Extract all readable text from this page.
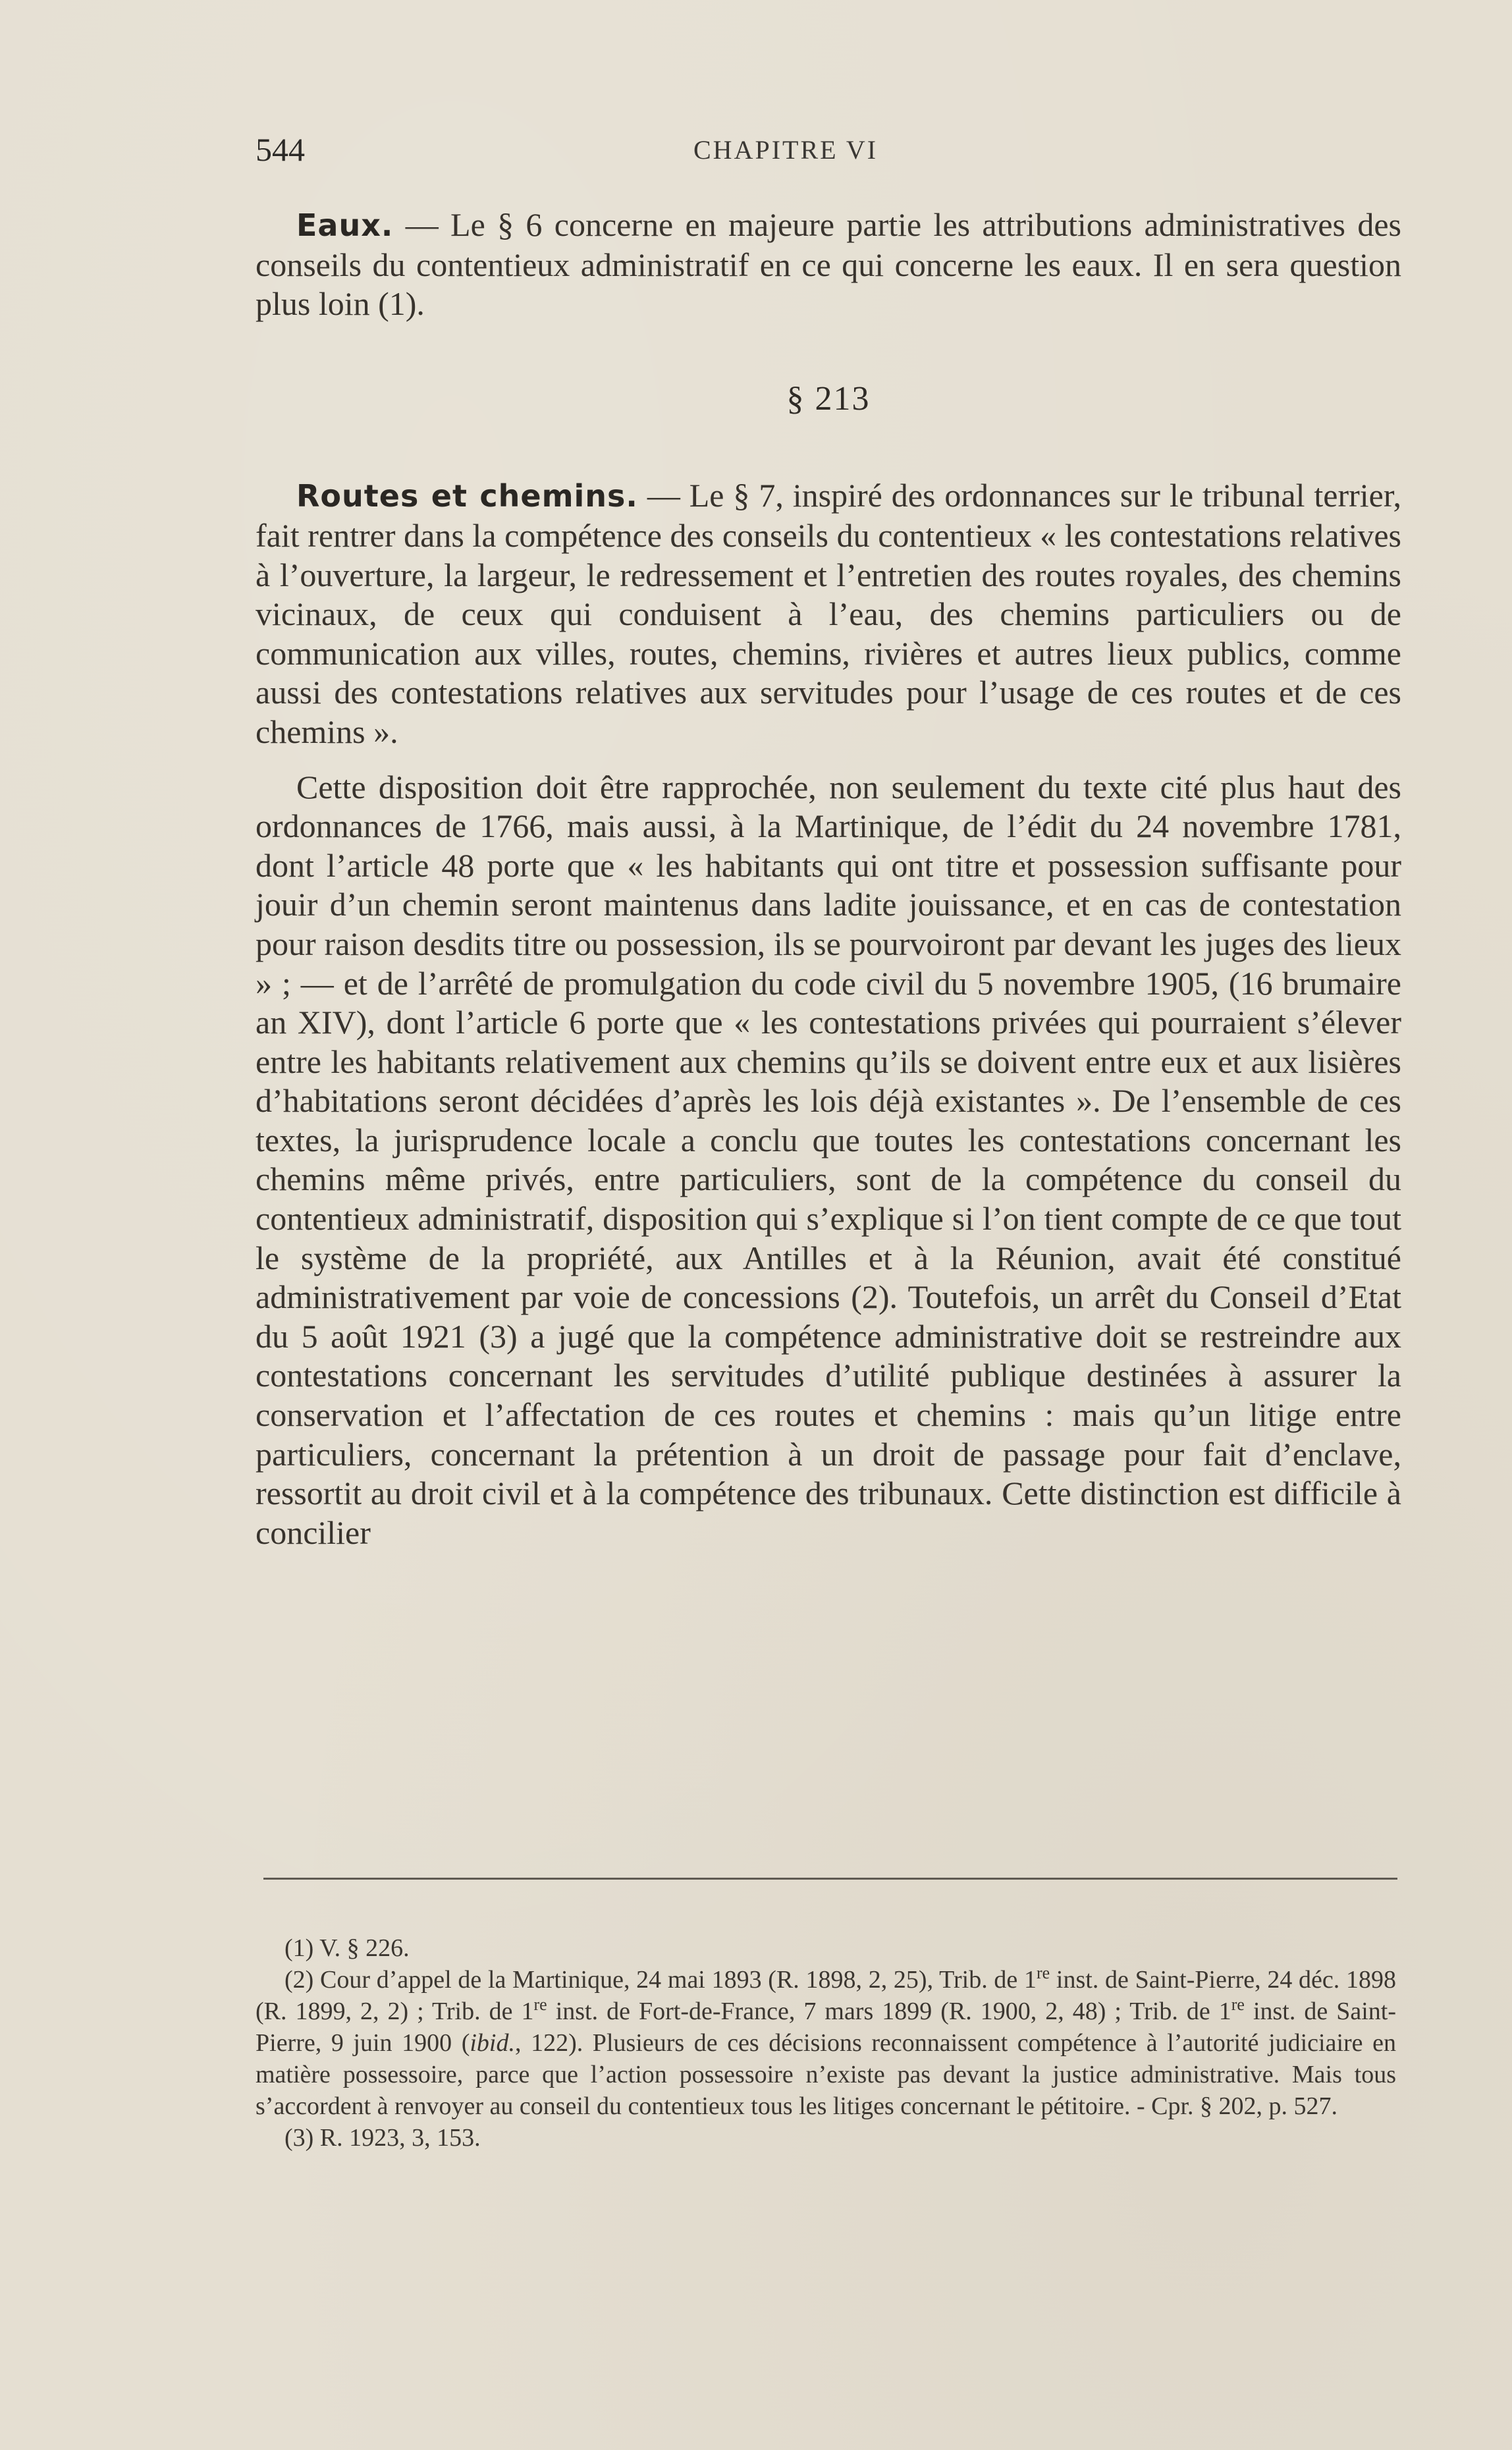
544	CHAPITRE VI

Eaux. — Le § 6 concerne en majeure partie les attributions administratives des conseils du contentieux administratif en ce qui concerne les eaux. Il en sera question plus loin (1).

§ 213

Routes et chemins. — Le § 7, inspiré des ordonnances sur le tribunal terrier, fait rentrer dans la compétence des conseils du contentieux « les contestations relatives à l’ouverture, la largeur, le redressement et l’entretien des routes royales, des chemins vicinaux, de ceux qui conduisent à l’eau, des chemins particuliers ou de communication aux villes, routes, chemins, rivières et autres lieux publics, comme aussi des contestations relatives aux servitudes pour l’usage de ces routes et de ces chemins ».

Cette disposition doit être rapprochée, non seulement du texte cité plus haut des ordonnances de 1766, mais aussi, à la Martinique, de l’édit du 24 novembre 1781, dont l’article 48 porte que « les habitants qui ont titre et possession suffisante pour jouir d’un chemin seront maintenus dans ladite jouissance, et en cas de contestation pour raison desdits titre ou possession, ils se pourvoiront par devant les juges des lieux » ; — et de l’arrêté de promulgation du code civil du 5 novembre 1905, (16 brumaire an XIV), dont l’article 6 porte que « les contestations privées qui pourraient s’élever entre les habitants relativement aux chemins qu’ils se doivent entre eux et aux lisières d’habitations seront décidées d’après les lois déjà existantes ». De l’ensemble de ces textes, la jurisprudence locale a conclu que toutes les contestations concernant les chemins même privés, entre particuliers, sont de la compétence du conseil du contentieux administratif, disposition qui s’explique si l’on tient compte de ce que tout le système de la propriété, aux Antilles et à la Réunion, avait été constitué administrativement par voie de concessions (2). Toutefois, un arrêt du Conseil d’Etat du 5 août 1921 (3) a jugé que la compétence administrative doit se restreindre aux contestations concernant les servitudes d’utilité publique destinées à assurer la conservation et l’affectation de ces routes et chemins : mais qu’un litige entre particuliers, concernant la prétention à un droit de passage pour fait d’enclave, ressortit au droit civil et à la compétence des tribunaux. Cette distinction est difficile à concilier

(1) V. § 226.

(2) Cour d’appel de la Martinique, 24 mai 1893 (R. 1898, 2, 25), Trib. de 1re inst. de Saint-Pierre, 24 déc. 1898 (R. 1899, 2, 2) ; Trib. de 1re inst. de Fort-de-France, 7 mars 1899 (R. 1900, 2, 48) ; Trib. de 1re inst. de Saint-Pierre, 9 juin 1900 (ibid., 122). Plusieurs de ces décisions reconnaissent compétence à l’autorité judiciaire en matière possessoire, parce que l’action possessoire n’existe pas devant la justice administrative. Mais tous s’accordent à renvoyer au conseil du contentieux tous les litiges concernant le pétitoire. - Cpr. § 202, p. 527.

(3) R. 1923, 3, 153.
